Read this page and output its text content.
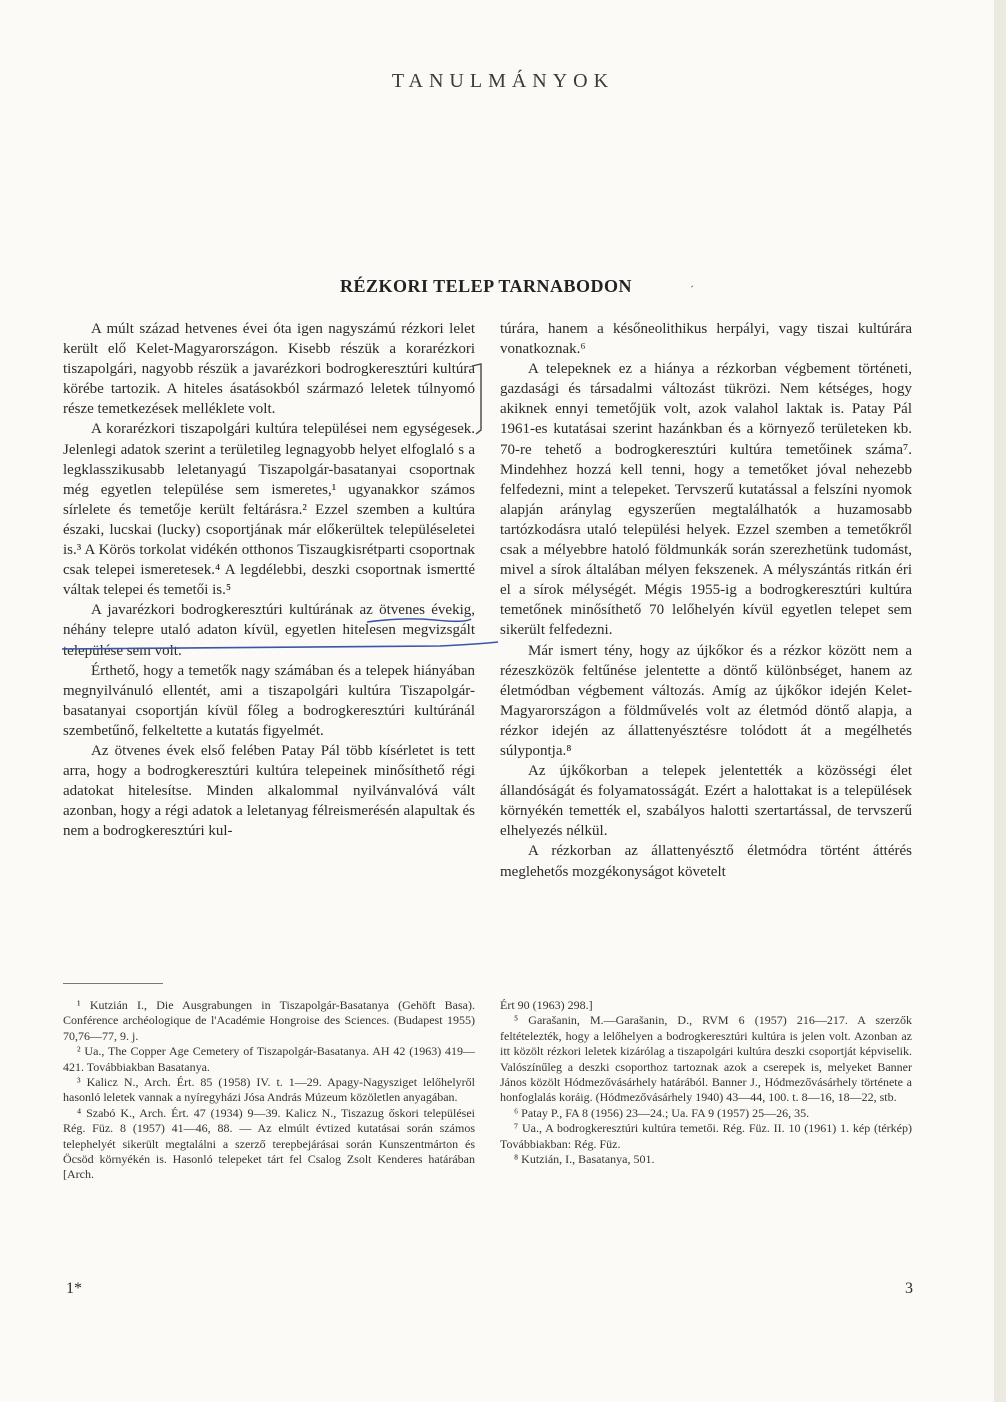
TANULMÁNYOK
RÉZKORI TELEP TARNABODON	´

A múlt század hetvenes évei óta igen nagyszámú rézkori lelet került elő Kelet-Magyarországon. Kisebb részük a korarézkori tiszapolgári, nagyobb részük a javarézkori bodrogkeresztúri kultúra körébe tartozik. A hiteles ásatásokból származó leletek túlnyomó része temetkezések melléklete volt.

A korarézkori tiszapolgári kultúra települései nem egységesek. Jelenlegi adatok szerint a területileg legnagyobb helyet elfoglaló s a legklasszikusabb leletanyagú Tiszapolgár-basatanyai csoportnak még egyetlen települése sem ismeretes,¹ ugyanakkor számos sírlelete és temetője került feltárásra.² Ezzel szemben a kultúra északi, lucskai (lucky) csoportjának már előkerültek településeletei is.³ A Körös torkolat vidékén otthonos Tiszaugkisrétparti csoportnak csak telepei ismeretesek.⁴ A legdélebbi, deszki csoportnak ismertté váltak telepei és temetői is.⁵

A javarézkori bodrogkeresztúri kultúrának az ötvenes évekig, néhány telepre utaló adaton kívül, egyetlen hitelesen megvizsgált települése sem volt.

Érthető, hogy a temetők nagy számában és a telepek hiányában megnyilvánuló ellentét, ami a tiszapolgári kultúra Tiszapolgár-basatanyai csoportján kívül főleg a bodrogkeresztúri kultúránál szembetűnő, felkeltette a kutatás figyelmét.

Az ötvenes évek első felében Patay Pál több kísérletet is tett arra, hogy a bodrogkeresztúri kultúra telepeinek minősíthető régi adatokat hitelesítse. Minden alkalommal nyilvánvalóvá vált azonban, hogy a régi adatok a leletanyag félreismerésén alapultak és nem a bodrogkeresztúri kul-

túrára, hanem a későneolithikus herpályi, vagy tiszai kultúrára vonatkoznak.⁶

A telepeknek ez a hiánya a rézkorban végbement történeti, gazdasági és társadalmi változást tükrözi. Nem kétséges, hogy akiknek ennyi temetőjük volt, azok valahol laktak is. Patay Pál 1961-es kutatásai szerint hazánkban és a környező területeken kb. 70-re tehető a bodrogkeresztúri kultúra temetőinek száma⁷. Mindehhez hozzá kell tenni, hogy a temetőket jóval nehezebb felfedezni, mint a telepeket. Tervszerű kutatással a felszíni nyomok alapján aránylag egyszerűen megtalálhatók a huzamosabb tartózkodásra utaló települési helyek. Ezzel szemben a temetőkről csak a mélyebbre hatoló földmunkák során szerezhetünk tudomást, mivel a sírok általában mélyen fekszenek. A mélyszántás ritkán éri el a sírok mélységét. Mégis 1955-ig a bodrogkeresztúri kultúra temetőnek minősíthető 70 lelőhelyén kívül egyetlen telepet sem sikerült felfedezni.

Már ismert tény, hogy az újkőkor és a rézkor között nem a rézeszközök feltűnése jelentette a döntő különbséget, hanem az életmódban végbement változás. Amíg az újkőkor idején Kelet-Magyarországon a földművelés volt az életmód döntő alapja, a rézkor idején az állattenyésztésre tolódott át a megélhetés súlypontja.⁸

Az újkőkorban a telepek jelentették a közösségi élet állandóságát és folyamatosságát. Ezért a halottakat is a települések környékén temették el, szabályos halotti szertartással, de tervszerű elhelyezés nélkül.

A rézkorban az állattenyésztő életmódra történt áttérés meglehetős mozgékonyságot követelt

¹ Kutzián I., Die Ausgrabungen in Tiszapolgár-Basatanya (Gehöft Basa). Conférence archéologique de l'Académie Hongroise des Sciences. (Budapest 1955) 70,76—77, 9. j.

² Ua., The Copper Age Cemetery of Tiszapolgár-Basatanya. AH 42 (1963) 419—421. Továbbiakban Basatanya.

³ Kalicz N., Arch. Ért. 85 (1958) IV. t. 1—29. Apagy-Nagysziget lelőhelyről hasonló leletek vannak a nyíregyházi Jósa András Múzeum közöletlen anyagában.

⁴ Szabó K., Arch. Ért. 47 (1934) 9—39. Kalicz N., Tiszazug őskori települései Rég. Füz. 8 (1957) 41—46, 88. — Az elmúlt évtized kutatásai során számos telephelyét sikerült megtalálni a szerző terepbejárásai során Kunszentmárton és Öcsöd környékén is. Hasonló telepeket tárt fel Csalog Zsolt Kenderes határában [Arch.

Ért 90 (1963) 298.]

⁵ Garašanin, M.—Garašanin, D., RVM 6 (1957) 216—217. A szerzők feltételezték, hogy a lelőhelyen a bodrogkeresztúri kultúra is jelen volt. Azonban az itt közölt rézkori leletek kizárólag a tiszapolgári kultúra deszki csoportját képviselik. Valószínűleg a deszki csoporthoz tartoznak azok a cserepek is, melyeket Banner János közölt Hódmezővásárhely határából. Banner J., Hódmezővásárhely története a honfoglalás koráig. (Hódmezővásárhely 1940) 43—44, 100. t. 8—16, 18—22, stb.

⁶ Patay P., FA 8 (1956) 23—24.; Ua. FA 9 (1957) 25—26, 35.

⁷ Ua., A bodrogkeresztúri kultúra temetői. Rég. Füz. II. 10 (1961) 1. kép (térkép) Továbbiakban: Rég. Füz.

⁸ Kutzián, I., Basatanya, 501.

1*	3
